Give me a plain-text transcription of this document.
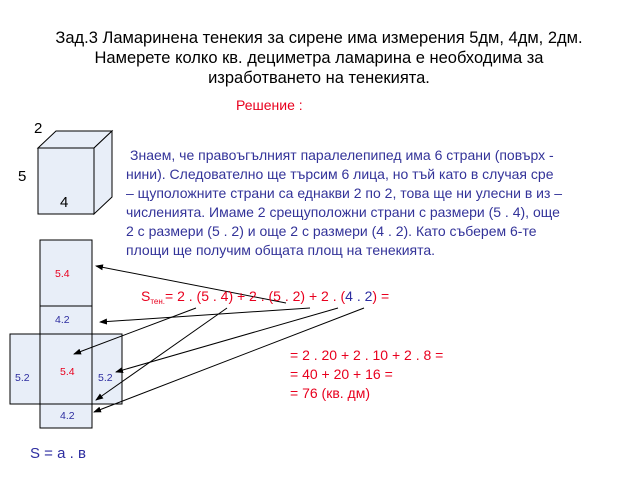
Зад.3 Ламаринена тенекия за сирене има измерения 5дм, 4дм, 2дм.
Намерете колко кв. дециметра ламарина е необходима за
изработването на тенекията.
Решение :
2
5
4
Знаем, че правоъгълният паралелепипед има 6 страни (повърх -
нини). Следователно ще търсим 6 лица, но тъй като в случая сре
– щуположните страни са еднакви 2 по 2, това ще ни улесни в из –
численията. Имаме 2 срещуположни страни с размери (5 . 4), още
2 с размери (5 . 2) и още 2 с размери (4 . 2). Като съберем 6-те
площи ще получим общата площ на тенекията.
5.4
4.2
5.2	5.4 5.2
4.2
$S_{тен.}= 2$ . (5 . 4) + 2 . (5 . 2) + 2 . (4 . 2) =
= 2 . 20 + 2 . 10 + 2 . 8 =
= 40 + 20 + 16 =
= 76 (кв. дм)
S = a . в
